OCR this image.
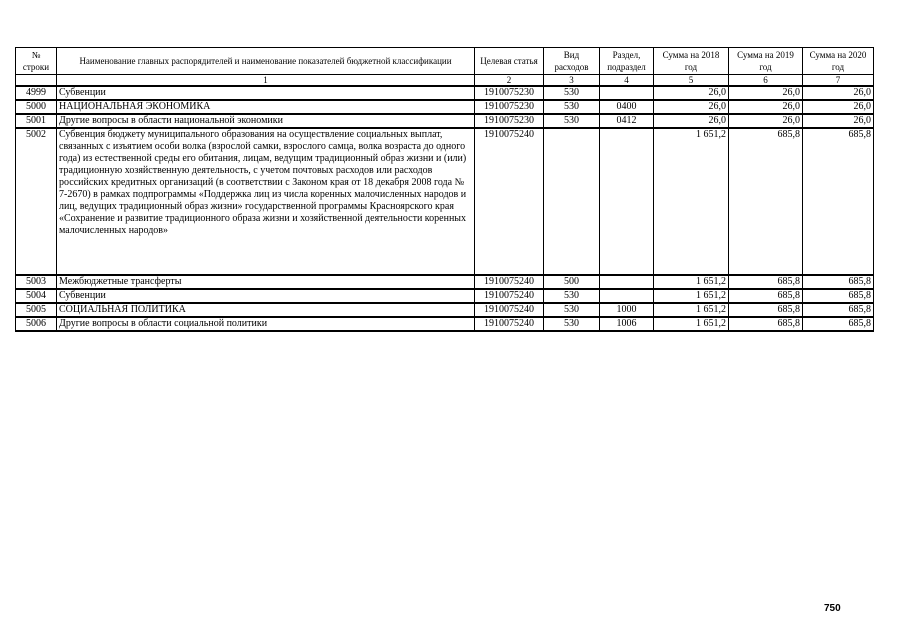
№ строки	Наименование главных распорядителей и наименование показателей бюджетной классификации	Целевая статья	Вид расходов	Раздел, подраздел	Сумма на 2018 год	Сумма на 2019 год	Сумма на 2020 год
	1	2	3	4	5	6	7
4999	Субвенции	1910075230	530		26,0	26,0	26,0
5000	НАЦИОНАЛЬНАЯ ЭКОНОМИКА	1910075230	530	0400	26,0	26,0	26,0
5001	Другие вопросы в области национальной экономики	1910075230	530	0412	26,0	26,0	26,0
5002	Субвенция бюджету муниципального образования на осуществление социальных выплат, связанных с изъятием особи волка (взрослой самки, взрослого самца, волка возраста до одного года) из естественной среды его обитания, лицам, ведущим традиционный образ жизни и (или) традиционную хозяйственную деятельность, с учетом почтовых расходов или расходов российских кредитных организаций (в соответствии с Законом края от 18 декабря 2008 года № 7-2670) в рамках подпрограммы «Поддержка лиц из числа коренных малочисленных народов и лиц, ведущих традиционный образ жизни» государственной программы Красноярского края «Сохранение и развитие традиционного образа жизни и хозяйственной деятельности коренных малочисленных народов»	1910075240			1 651,2	685,8	685,8
5003	Межбюджетные трансферты	1910075240	500		1 651,2	685,8	685,8
5004	Субвенции	1910075240	530		1 651,2	685,8	685,8
5005	СОЦИАЛЬНАЯ ПОЛИТИКА	1910075240	530	1000	1 651,2	685,8	685,8
5006	Другие вопросы в области социальной политики	1910075240	530	1006	1 651,2	685,8	685,8
750
